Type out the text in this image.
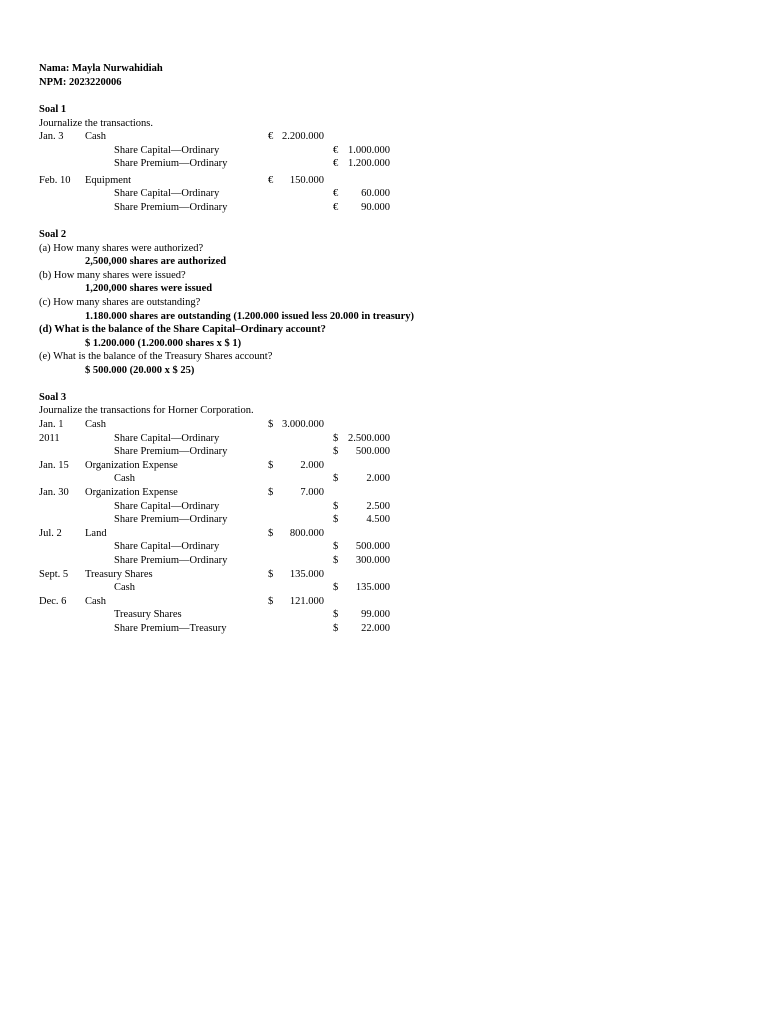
Nama: Mayla Nurwahidiah
NPM: 2023220006
Soal 1
Journalize the transactions.
Jan. 3 Cash	€ 2.200.000
Share Capital—Ordinary	€ 1.000.000
Share Premium—Ordinary	€ 1.200.000
Feb. 10 Equipment	€	150.000
Share Capital—Ordinary	€	60.000
Share Premium—Ordinary	€	90.000
Soal 2
(a) How many shares were authorized?
2,500,000 shares are authorized
(b) How many shares were issued?
1,200,000 shares were issued
(c) How many shares are outstanding?
1.180.000 shares are outstanding (1.200.000 issued less 20.000 in treasury)
(d) What is the balance of the Share Capital–Ordinary account?
$ 1.200.000 (1.200.000 shares x $ 1)
(e) What is the balance of the Treasury Shares account?
$ 500.000 (20.000 x $ 25)
Soal 3
Journalize the transactions for Horner Corporation.
Jan. 1 Cash	$ 3.000.000
2011	Share Capital—Ordinary	$ 2.500.000
Share Premium—Ordinary	$	500.000
Jan. 15 Organization Expense	$	2.000
Cash	$	2.000
Jan. 30 Organization Expense	$	7.000
Share Capital—Ordinary	$	2.500
Share Premium—Ordinary	$	4.500
Jul. 2 Land	$	800.000
Share Capital—Ordinary	$	500.000
Share Premium—Ordinary	$	300.000
Sept. 5 Treasury Shares	$	135.000
Cash	$	135.000
Dec. 6 Cash	$	121.000
Treasury Shares	$	99.000
Share Premium—Treasury	$	22.000
